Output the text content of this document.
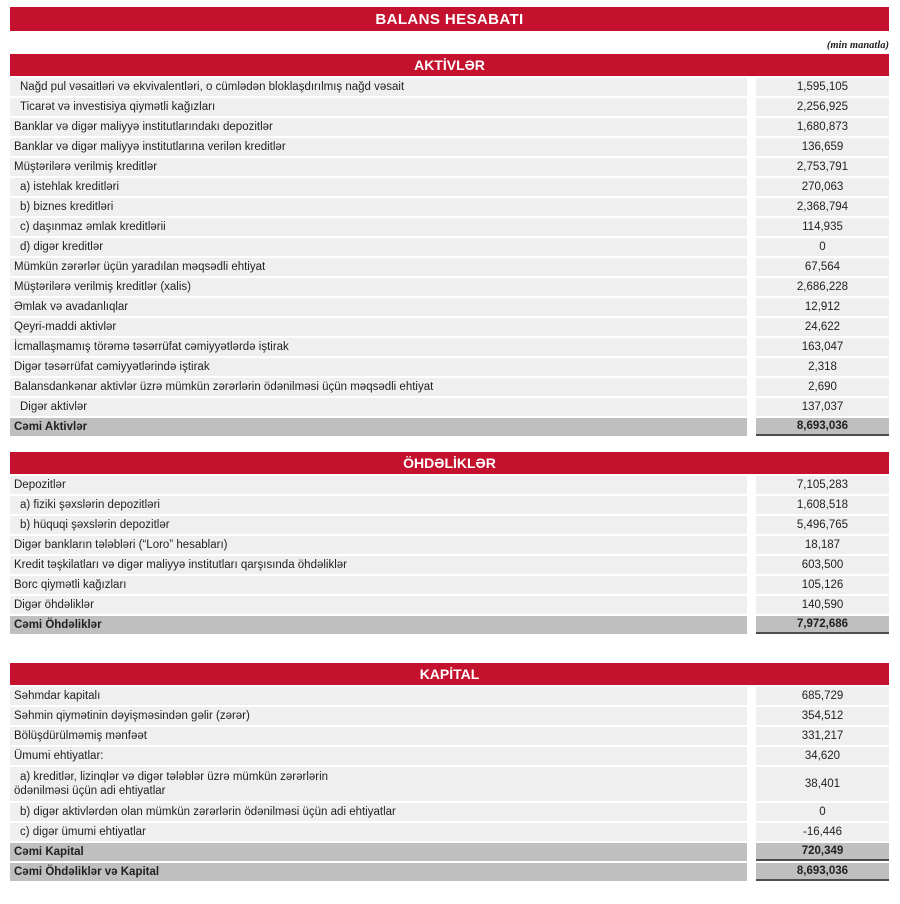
BALANS HESABATI
(min manatla)
AKTİVLƏR
Nağd pul vəsaitləri və ekvivalentləri, o cümlədən bloklaşdırılmış nağd vəsait	1,595,105
Ticarət və investisiya qiymətli kağızları	2,256,925
Banklar və digər maliyyə institutlarındakı depozitlər	1,680,873
Banklar və digər maliyyə institutlarına verilən kreditlər	136,659
Müştərilərə verilmiş kreditlər	2,753,791
a) istehlak kreditləri	270,063
b) biznes kreditləri	2,368,794
c) daşınmaz əmlak kreditlərii	114,935
d) digər kreditlər	0
Mümkün zərərlər üçün yaradılan məqsədli ehtiyat	67,564
Müştərilərə verilmiş kreditlər (xalis)	2,686,228
Əmlak və avadanlıqlar	12,912
Qeyri-maddi aktivlər	24,622
İcmallaşmamış törəmə təsərrüfat cəmiyyətlərdə iştirak	163,047
Digər təsərrüfat cəmiyyətlərində iştirak	2,318
Balansdankənar aktivlər üzrə mümkün zərərlərin ödənilməsi üçün məqsədli ehtiyat	2,690
Digər aktivlər	137,037
Cəmi Aktivlər	8,693,036
ÖHDƏLİKLƏR
Depozitlər	7,105,283
a) fiziki şəxslərin depozitləri	1,608,518
b) hüquqi şəxslərin depozitlər	5,496,765
Digər bankların tələbləri (“Loro” hesabları)	18,187
Kredit təşkilatları və digər maliyyə institutları qarşısında öhdəliklər	603,500
Borc qiymətli kağızları	105,126
Digər öhdəliklər	140,590
Cəmi Öhdəliklər	7,972,686
KAPİTAL
Səhmdar kapitalı	685,729
Səhmin qiymətinin dəyişməsindən gəlir (zərər)	354,512
Bölüşdürülməmiş mənfəət	331,217
Ümumi ehtiyatlar:	34,620
a) kreditlər, lizinqlər və digər tələblər üzrə mümkün zərərlərin
ödənilməsi üçün adi ehtiyatlar
38,401
b) digər aktivlərdən olan mümkün zərərlərin ödənilməsi üçün adi ehtiyatlar	0
c) digər ümumi ehtiyatlar	-16,446
Cəmi Kapital	720,349
Cəmi Öhdəliklər və Kapital	8,693,036
